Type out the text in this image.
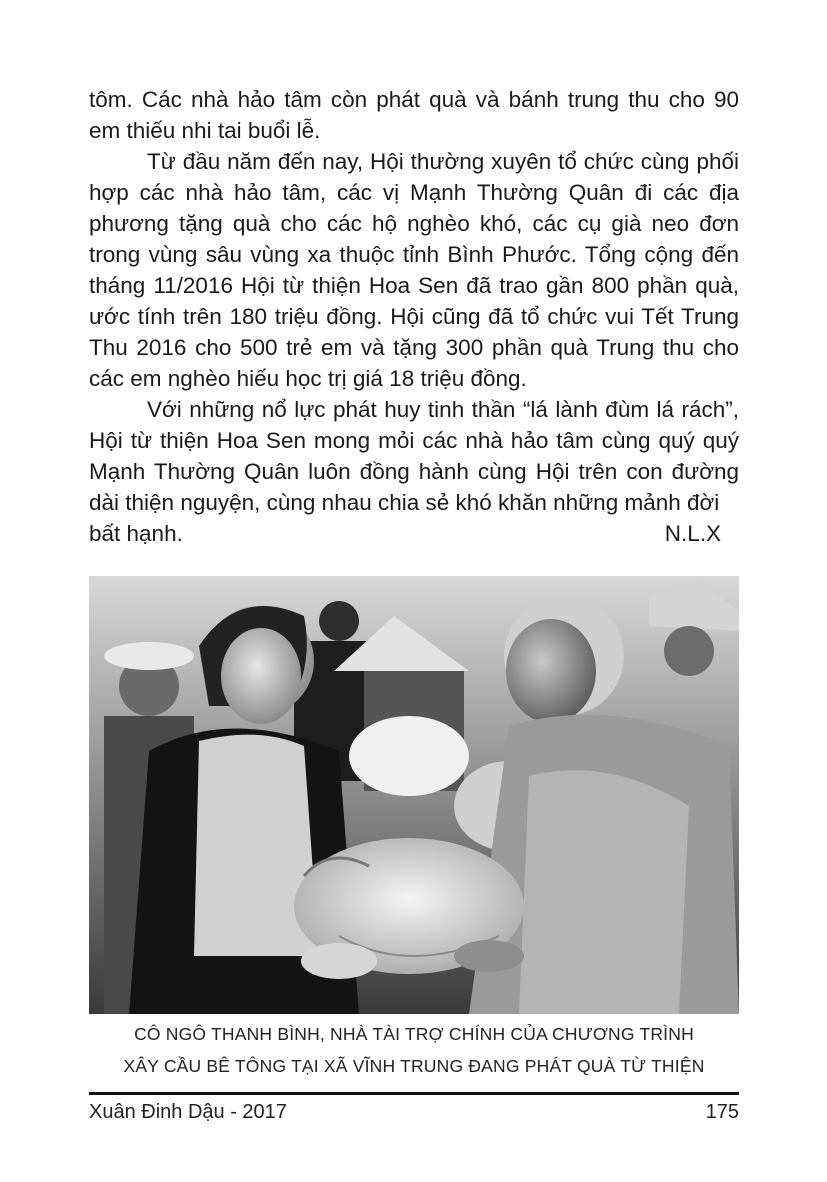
tôm. Các nhà hảo tâm còn phát quà và bánh trung thu cho 90 em thiếu nhi tai buổi lễ.

Từ đầu năm đến nay, Hội thường xuyên tổ chức cùng phối hợp các nhà hảo tâm, các vị Mạnh Thường Quân đi các địa phương tặng quà cho các hộ nghèo khó, các cụ già neo đơn trong vùng sâu vùng xa thuộc tỉnh Bình Phước. Tổng cộng đến tháng 11/2016 Hội từ thiện Hoa Sen đã trao gần 800 phần quà, ước tính trên 180 triệu đồng. Hội cũng đã tổ chức vui Tết Trung Thu 2016 cho 500 trẻ em và tặng 300 phần quà Trung thu cho các em nghèo hiếu học trị giá 18 triệu đồng.

Với những nổ lực phát huy tinh thần “lá lành đùm lá rách”, Hội từ thiện Hoa Sen mong mỏi các nhà hảo tâm cùng quý quý Mạnh Thường Quân luôn đồng hành cùng Hội trên con đường dài thiện nguyện, cùng nhau chia sẻ khó khăn những mảnh đời

bất hạnh.	N.L.X
CÔ NGÔ THANH BÌNH, NHÀ TÀI TRỢ CHÍNH CỦA CHƯƠNG TRÌNH
XÂY CẦU BÊ TÔNG TẠI XÃ VĨNH TRUNG ĐANG PHÁT QUÀ TỪ THIỆN
Xuân Đinh Dậu - 2017	175
